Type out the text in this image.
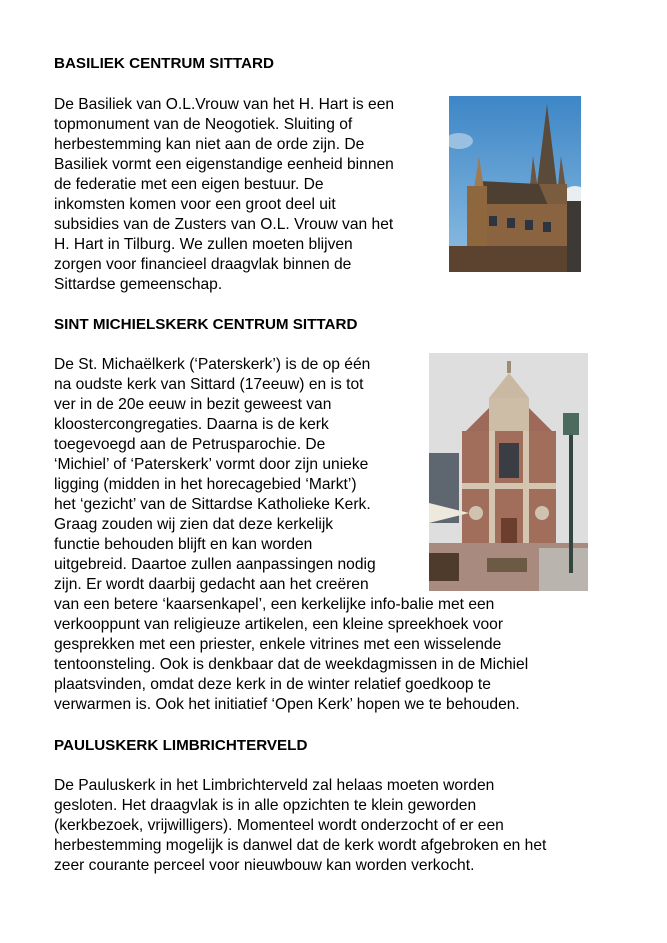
BASILIEK CENTRUM SITTARD
De Basiliek van O.L.Vrouw van het H. Hart is een
topmonument van de Neogotiek. Sluiting of
herbestemming kan niet aan de orde zijn. De
Basiliek vormt een eigenstandige eenheid binnen
de federatie met een eigen bestuur. De
inkomsten komen voor een groot deel uit
subsidies van de Zusters van O.L. Vrouw van het
H. Hart in Tilburg. We zullen moeten blijven
zorgen voor financieel draagvlak binnen de
Sittardse gemeenschap.
SINT MICHIELSKERK CENTRUM SITTARD
De St. Michaëlkerk (‘Paterskerk’) is de op één
na oudste kerk van Sittard (17eeuw) en is tot
ver in de 20e eeuw in bezit geweest van
kloostercongregaties. Daarna is de kerk
toegevoegd aan de Petrusparochie. De
‘Michiel’ of ‘Paterskerk’ vormt door zijn unieke
ligging (midden in het horecagebied ‘Markt’)
het ‘gezicht’ van de Sittardse Katholieke Kerk.
Graag zouden wij zien dat deze kerkelijk
functie behouden blijft en kan worden
uitgebreid. Daartoe zullen aanpassingen nodig
zijn. Er wordt daarbij gedacht aan het creëren
van een betere ‘kaarsenkapel’, een kerkelijke info-balie met een
verkooppunt van religieuze artikelen, een kleine spreekhoek voor
gesprekken met een priester, enkele vitrines met een wisselende
tentoonsteling. Ook is denkbaar dat de weekdagmissen in de Michiel
plaatsvinden, omdat deze kerk in de winter relatief goedkoop te
verwarmen is. Ook het initiatief ‘Open Kerk’ hopen we te behouden.
PAULUSKERK LIMBRICHTERVELD
De Pauluskerk in het Limbrichterveld zal helaas moeten worden
gesloten. Het draagvlak is in alle opzichten te klein geworden
(kerkbezoek, vrijwilligers). Momenteel wordt onderzocht of er een
herbestemming mogelijk is danwel dat de kerk wordt afgebroken en het
zeer courante perceel voor nieuwbouw kan worden verkocht.
